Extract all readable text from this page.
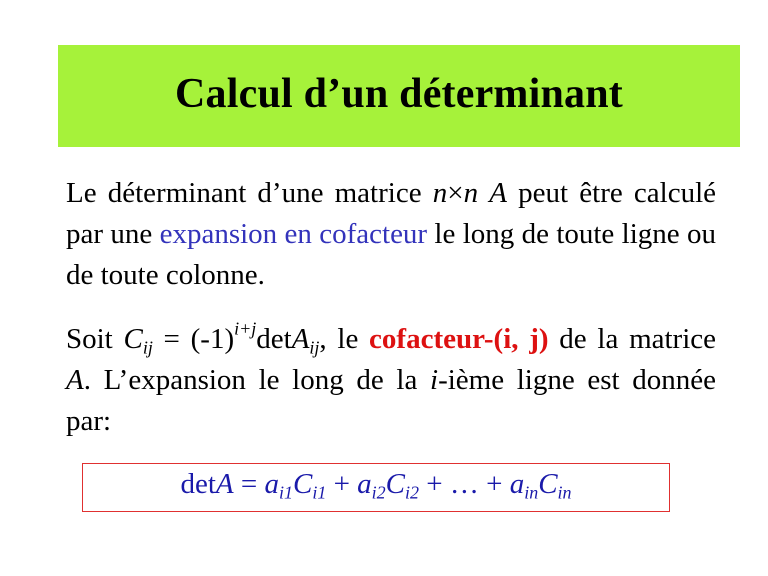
Calcul d’un déterminant
Le déterminant d’une matrice n×n A peut être calculé par une expansion en cofacteur le long de toute ligne ou de toute colonne.
Soit $C_{ij} = (-1)^{i+j}\det A_{ij}$, le cofacteur-(i, j) de la matrice A. L’expansion le long de la i-ième ligne est donnée par:
$\det A = a_{i1}C_{i1} + a_{i2}C_{i2}$ + … + $a_{in}C_{in}$
